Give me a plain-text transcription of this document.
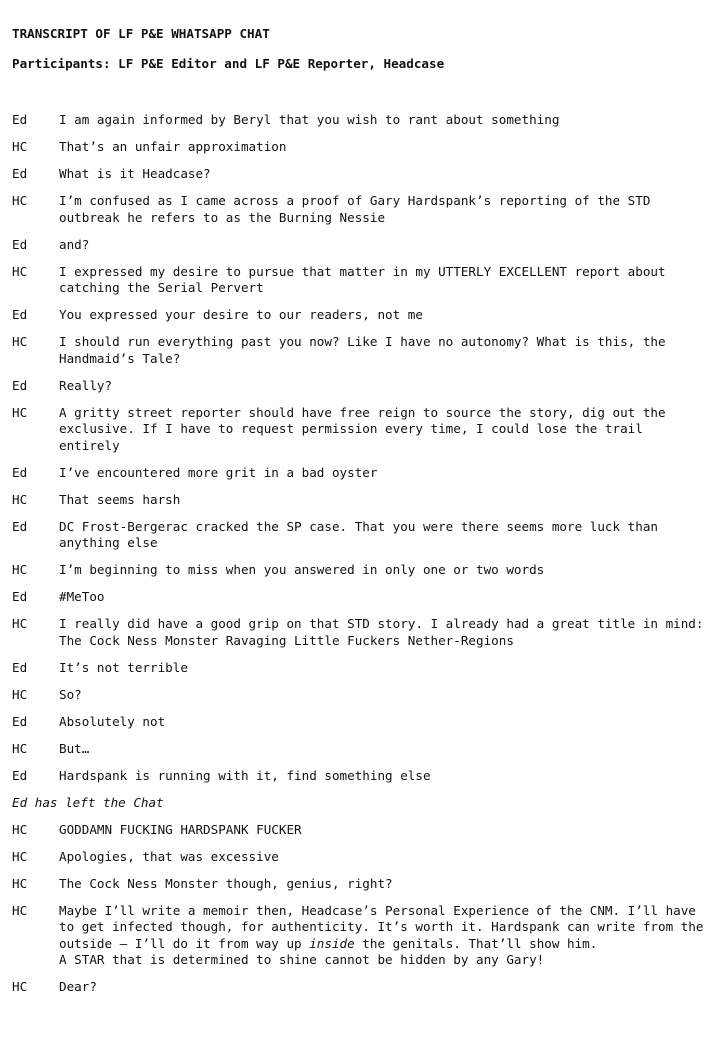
TRANSCRIPT OF LF P&E WHATSAPP CHAT
Participants: LF P&E Editor and LF P&E Reporter, Headcase
Ed	I am again informed by Beryl that you wish to rant about something
HC	That’s an unfair approximation
Ed	What is it Headcase?
HC	I’m confused as I came across a proof of Gary Hardspank’s reporting of the STD outbreak he refers to as the Burning Nessie
Ed	and?
HC	I expressed my desire to pursue that matter in my UTTERLY EXCELLENT report about catching the Serial Pervert
Ed	You expressed your desire to our readers, not me
HC	I should run everything past you now? Like I have no autonomy? What is this, the Handmaid’s Tale?
Ed	Really?
HC	A gritty street reporter should have free reign to source the story, dig out the exclusive. If I have to request permission every time, I could lose the trail entirely
Ed	I’ve encountered more grit in a bad oyster
HC	That seems harsh
Ed	DC Frost-Bergerac cracked the SP case. That you were there seems more luck than anything else
HC	I’m beginning to miss when you answered in only one or two words
Ed	#MeToo
HC	I really did have a good grip on that STD story. I already had a great title in mind: The Cock Ness Monster Ravaging Little Fuckers Nether-Regions
Ed	It’s not terrible
HC	So?
Ed	Absolutely not
HC	But…
Ed	Hardspank is running with it, find something else
Ed has left the Chat
HC	GODDAMN FUCKING HARDSPANK FUCKER
HC	Apologies, that was excessive
HC	The Cock Ness Monster though, genius, right?
HC	Maybe I’ll write a memoir then, Headcase’s Personal Experience of the CNM. I’ll have to get infected though, for authenticity. It’s worth it. Hardspank can write from the outside – I’ll do it from way up inside the genitals. That’ll show him.
A STAR that is determined to shine cannot be hidden by any Gary!
HC	Dear?
